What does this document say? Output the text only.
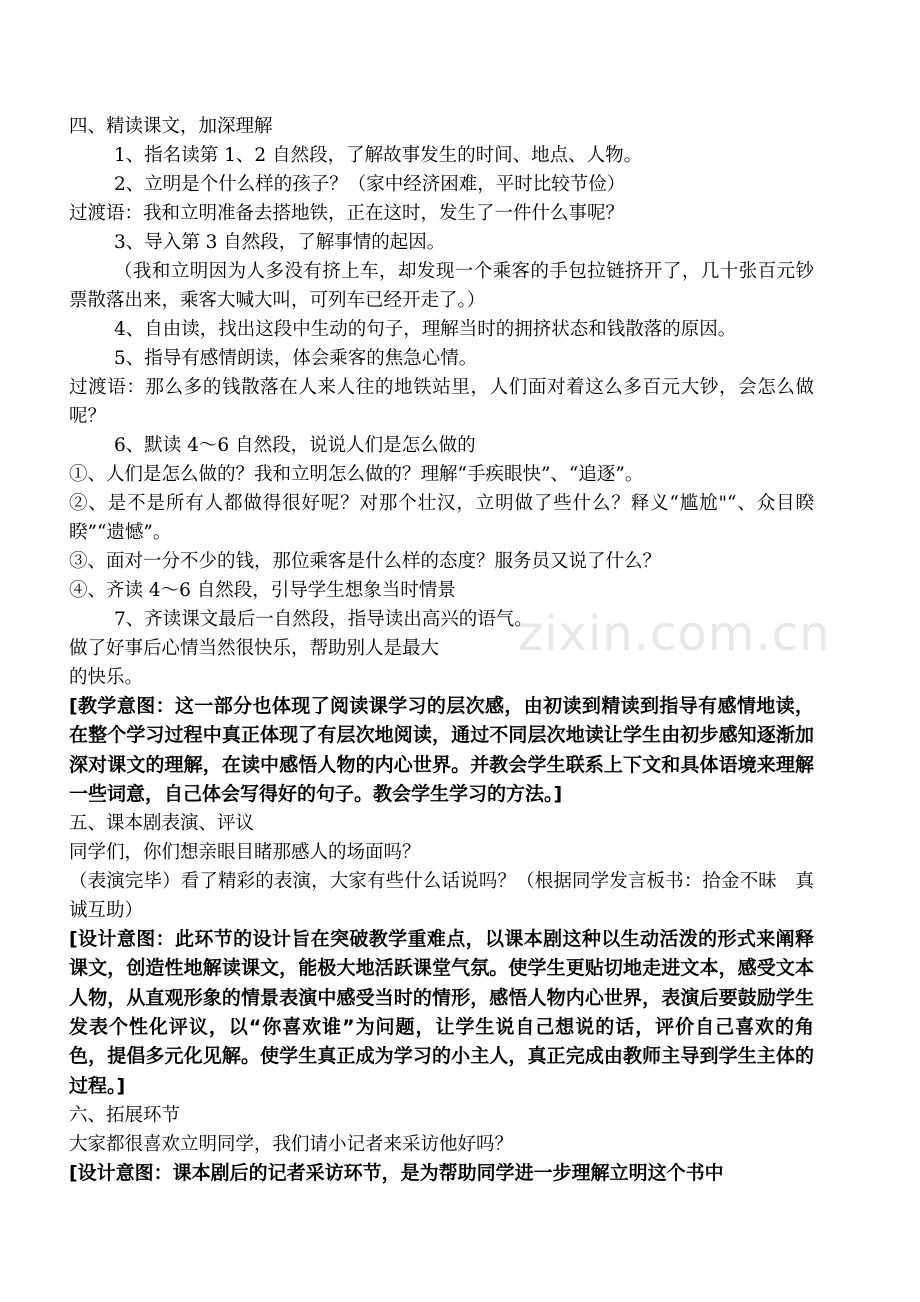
四、精读课文，加深理解

1、指名读第 1、2 自然段，了解故事发生的时间、地点、人物。

2、立明是个什么样的孩子？（家中经济困难，平时比较节俭）

过渡语：我和立明准备去搭地铁，正在这时，发生了一件什么事呢？

3、导入第 3 自然段，了解事情的起因。

（我和立明因为人多没有挤上车，却发现一个乘客的手包拉链挤开了，几十张百元钞票散落出来，乘客大喊大叫，可列车已经开走了。）

4、自由读，找出这段中生动的句子，理解当时的拥挤状态和钱散落的原因。

5、指导有感情朗读，体会乘客的焦急心情。

过渡语：那么多的钱散落在人来人往的地铁站里，人们面对着这么多百元大钞，会怎么做呢？

6、默读 4～6 自然段，说说人们是怎么做的

①、人们是怎么做的？我和立明怎么做的？理解“手疾眼快”、“追逐”。

②、是不是所有人都做得很好呢？对那个壮汉，立明做了些什么？释义“尴尬"“、众目睽睽”“遗憾”。

③、面对一分不少的钱，那位乘客是什么样的态度？服务员又说了什么？

④、齐读 4～6 自然段，引导学生想象当时情景

7、齐读课文最后一自然段，指导读出高兴的语气。

做了好事后心情当然很快乐，帮助别人是最大

的快乐。

[教学意图：这一部分也体现了阅读课学习的层次感，由初读到精读到指导有感情地读，在整个学习过程中真正体现了有层次地阅读，通过不同层次地读让学生由初步感知逐渐加深对课文的理解，在读中感悟人物的内心世界。并教会学生联系上下文和具体语境来理解一些词意，自己体会写得好的句子。教会学生学习的方法。]

五、课本剧表演、评议

同学们，你们想亲眼目睹那感人的场面吗？

（表演完毕）看了精彩的表演，大家有些什么话说吗？（根据同学发言板书：拾金不昧　真诚互助）

[设计意图：此环节的设计旨在突破教学重难点，以课本剧这种以生动活泼的形式来阐释课文，创造性地解读课文，能极大地活跃课堂气氛。使学生更贴切地走进文本，感受文本人物，从直观形象的情景表演中感受当时的情形，感悟人物内心世界，表演后要鼓励学生发表个性化评议，以“你喜欢谁”为问题，让学生说自己想说的话，评价自己喜欢的角色，提倡多元化见解。使学生真正成为学习的小主人，真正完成由教师主导到学生主体的过程。]

六、拓展环节

大家都很喜欢立明同学，我们请小记者来采访他好吗？

[设计意图：课本剧后的记者采访环节，是为帮助同学进一步理解立明这个书中

zixin.com.cn
